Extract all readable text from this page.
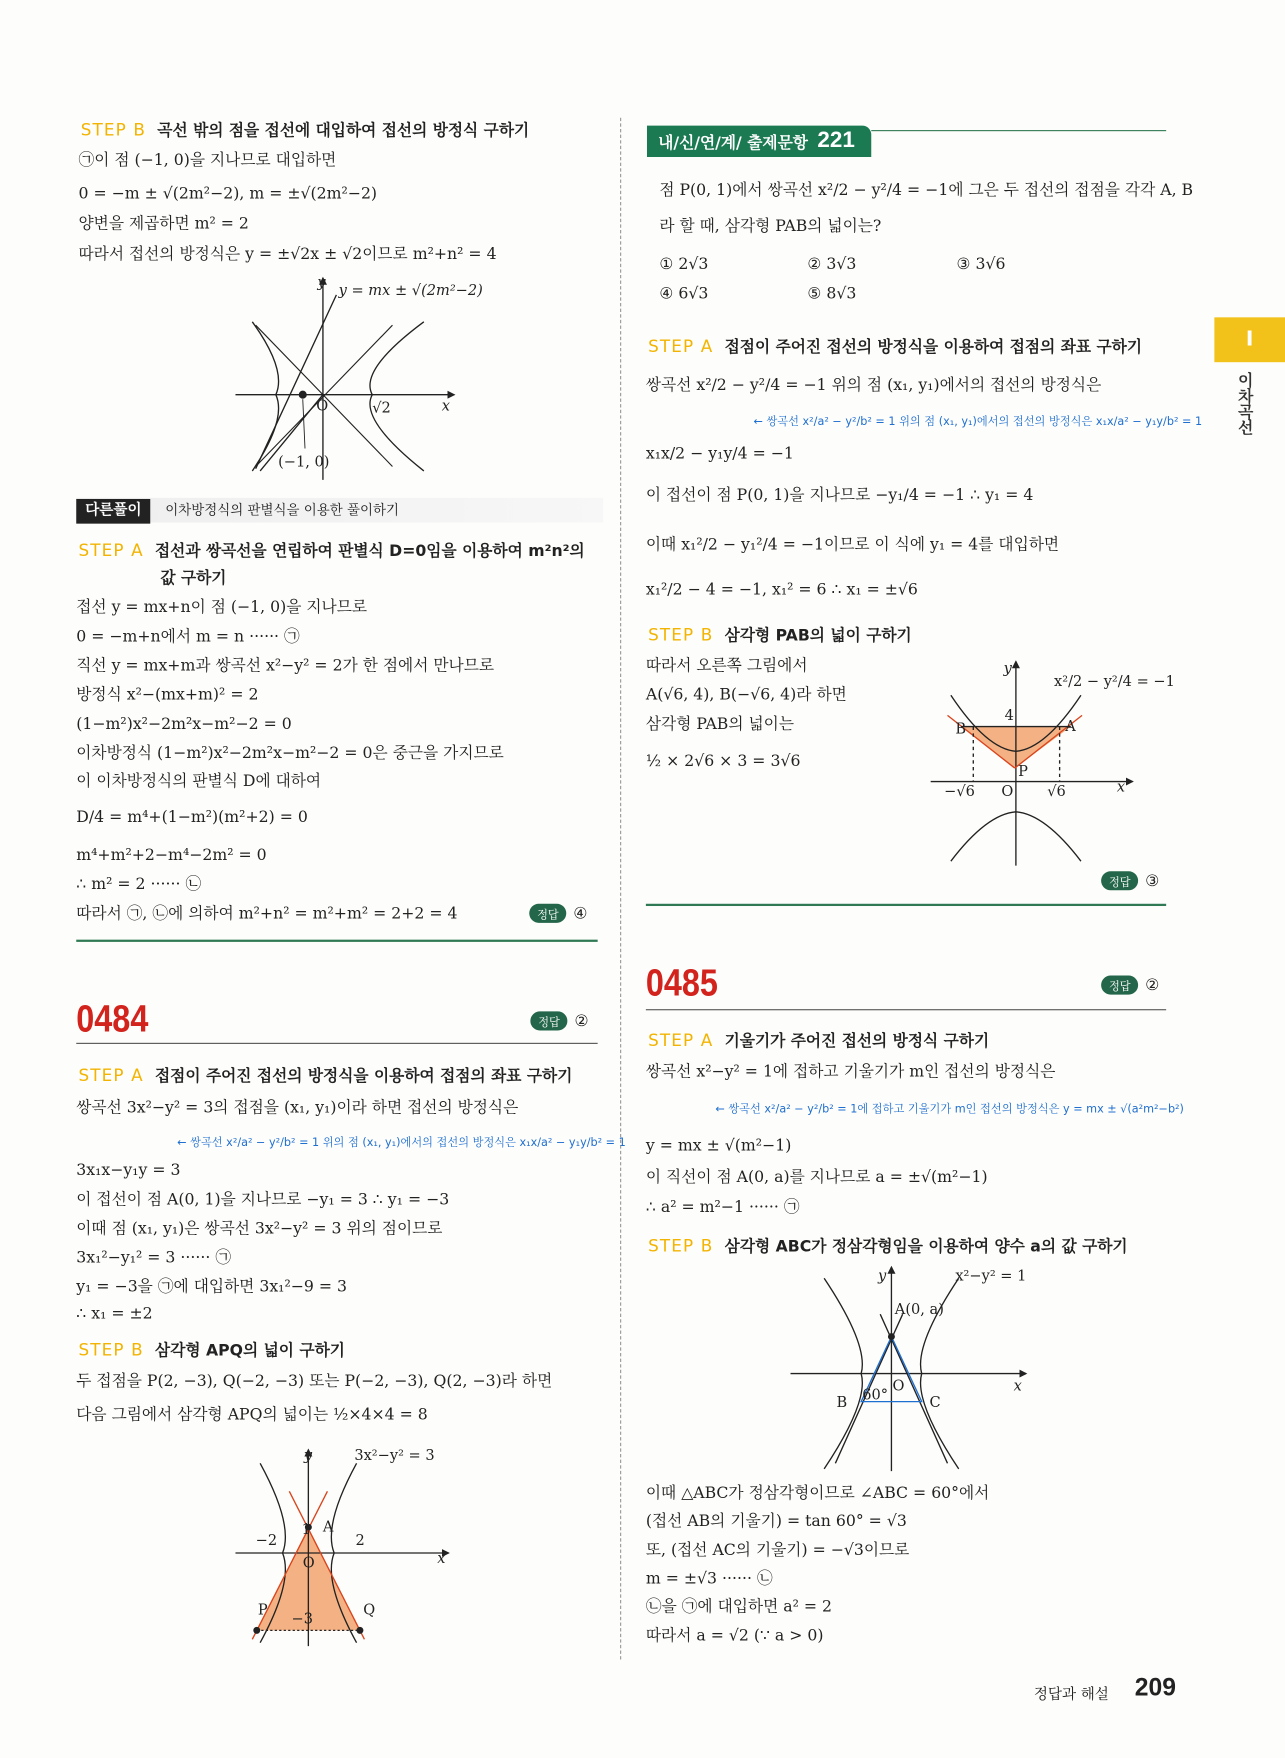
STEP B 곡선 밖의 점을 접선에 대입하여 접선의 방정식 구하기
㉠이 점 (−1, 0)을 지나므로 대입하면
0 = −m ± √(2m²−2), m = ±√(2m²−2)
양변을 제곱하면 m² = 2
따라서 접선의 방정식은 y = ±√2x ± √2이므로 m²+n² = 4
다른풀이 이차방정식의 판별식을 이용한 풀이하기
STEP A 접선과 쌍곡선을 연립하여 판별식 D=0임을 이용하여 m²n²의
값 구하기
접선 y = mx+n이 점 (−1, 0)을 지나므로
0 = −m+n에서 m = n ······ ㉠
직선 y = mx+m과 쌍곡선 x²−y² = 2가 한 점에서 만나므로
방정식 x²−(mx+m)² = 2
(1−m²)x²−2m²x−m²−2 = 0
이차방정식 (1−m²)x²−2m²x−m²−2 = 0은 중근을 가지므로
이 이차방정식의 판별식 D에 대하여
D/4 = m⁴+(1−m²)(m²+2) = 0
m⁴+m²+2−m⁴−2m² = 0
∴ m² = 2 ······ ㉡
따라서 ㉠, ㉡에 의하여 m²+n² = m²+m² = 2+2 = 4	정답 ④
0484	정답 ②
STEP A 접점이 주어진 접선의 방정식을 이용하여 접점의 좌표 구하기
쌍곡선 3x²−y² = 3의 접점을 (x₁, y₁)이라 하면 접선의 방정식은
← 쌍곡선 x²/a² − y²/b² = 1 위의 점 (x₁, y₁)에서의 접선의 방정식은 x₁x/a² − y₁y/b² = 1
3x₁x−y₁y = 3
이 접선이 점 A(0, 1)을 지나므로 −y₁ = 3 ∴ y₁ = −3
이때 점 (x₁, y₁)은 쌍곡선 3x²−y² = 3 위의 점이므로
3x₁²−y₁² = 3 ······ ㉠
y₁ = −3을 ㉠에 대입하면 3x₁²−9 = 3
∴ x₁ = ±2
STEP B 삼각형 APQ의 넓이 구하기
두 접점을 P(2, −3), Q(−2, −3) 또는 P(−2, −3), Q(2, −3)라 하면
다음 그림에서 삼각형 APQ의 넓이는 ½×4×4 = 8
내/신/연/계/ 출제문항 221
점 P(0, 1)에서 쌍곡선 x²/2 − y²/4 = −1에 그은 두 접선의 접점을 각각 A, B
라 할 때, 삼각형 PAB의 넓이는?
① 2√3	② 3√3	③ 3√6
④ 6√3	⑤ 8√3
STEP A 접점이 주어진 접선의 방정식을 이용하여 접점의 좌표 구하기
쌍곡선 x²/2 − y²/4 = −1 위의 점 (x₁, y₁)에서의 접선의 방정식은
← 쌍곡선 x²/a² − y²/b² = 1 위의 점 (x₁, y₁)에서의 접선의 방정식은 x₁x/a² − y₁y/b² = 1
x₁x/2 − y₁y/4 = −1
이 접선이 점 P(0, 1)을 지나므로 −y₁/4 = −1 ∴ y₁ = 4
이때 x₁²/2 − y₁²/4 = −1이므로 이 식에 y₁ = 4를 대입하면
x₁²/2 − 4 = −1, x₁² = 6 ∴ x₁ = ±√6
STEP B 삼각형 PAB의 넓이 구하기
따라서 오른쪽 그림에서
A(√6, 4), B(−√6, 4)라 하면
삼각형 PAB의 넓이는
½ × 2√6 × 3 = 3√6
정답 ③
0485	정답 ②
STEP A 기울기가 주어진 접선의 방정식 구하기
쌍곡선 x²−y² = 1에 접하고 기울기가 m인 접선의 방정식은
← 쌍곡선 x²/a² − y²/b² = 1에 접하고 기울기가 m인 접선의 방정식은 y = mx ± √(a²m²−b²)
y = mx ± √(m²−1)
이 직선이 점 A(0, a)를 지나므로 a = ±√(m²−1)
∴ a² = m²−1 ······ ㉠
STEP B 삼각형 ABC가 정삼각형임을 이용하여 양수 a의 값 구하기
이때 △ABC가 정삼각형이므로 ∠ABC = 60°에서
(접선 AB의 기울기) = tan 60° = √3
또, (접선 AC의 기울기) = −√3이므로
m = ±√3 ······ ㉡
㉡을 ㉠에 대입하면 a² = 2
따라서 a = √2 (∵ a > 0)
I
이차곡선
정답과 해설 209
y y = mx ± √(2m²−2)
O	√2	x
(−1, 0)
y	3x²−y² = 3
1 A
−2	2
O	x
P
−3
Q
y
x²/2 − y²/4 = −1
4
B	A
P
−√6 O	√6	x
y	x²−y² = 1
A(0, a)
O	x
B 60°	C
